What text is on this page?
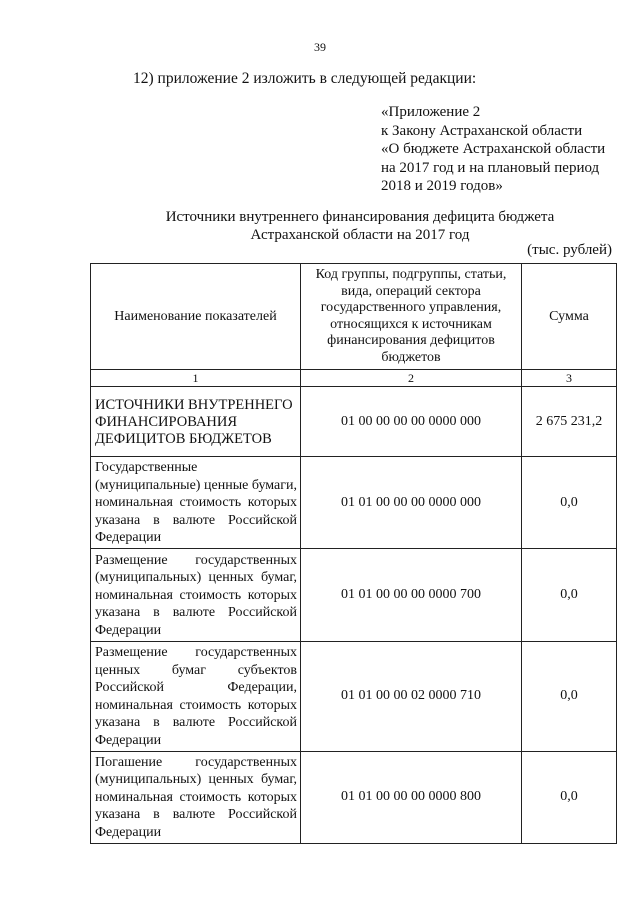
39
12) приложение 2 изложить в следующей редакции:
«Приложение 2
к Закону Астраханской области
«О бюджете Астраханской области
на 2017 год и на плановый период
2018 и 2019 годов»
Источники внутреннего финансирования дефицита бюджета
Астраханской области на 2017 год
(тыс. рублей)
Наименование показателей	Код группы, подгруппы, статьи, вида, операций сектора государственного управления, относящихся к источникам финансирования дефицитов бюджетов	Сумма
1	2	3
ИСТОЧНИКИ ВНУТРЕННЕГО ФИНАНСИРОВАНИЯ ДЕФИЦИТОВ БЮДЖЕТОВ	01 00 00 00 00 0000 000	2 675 231,2
Государственные (муниципальные) ценные бумаги, номинальная стоимость которых указана в валюте Российской Федерации	01 01 00 00 00 0000 000	0,0
Размещение государственных (муниципальных) ценных бумаг, номинальная стоимость которых указана в валюте Российской Федерации	01 01 00 00 00 0000 700	0,0
Размещение государственных ценных бумаг субъектов Российской Федерации, номинальная стоимость которых указана в валюте Российской Федерации	01 01 00 00 02 0000 710	0,0
Погашение государственных (муниципальных) ценных бумаг, номинальная стоимость которых указана в валюте Российской Федерации	01 01 00 00 00 0000 800	0,0
